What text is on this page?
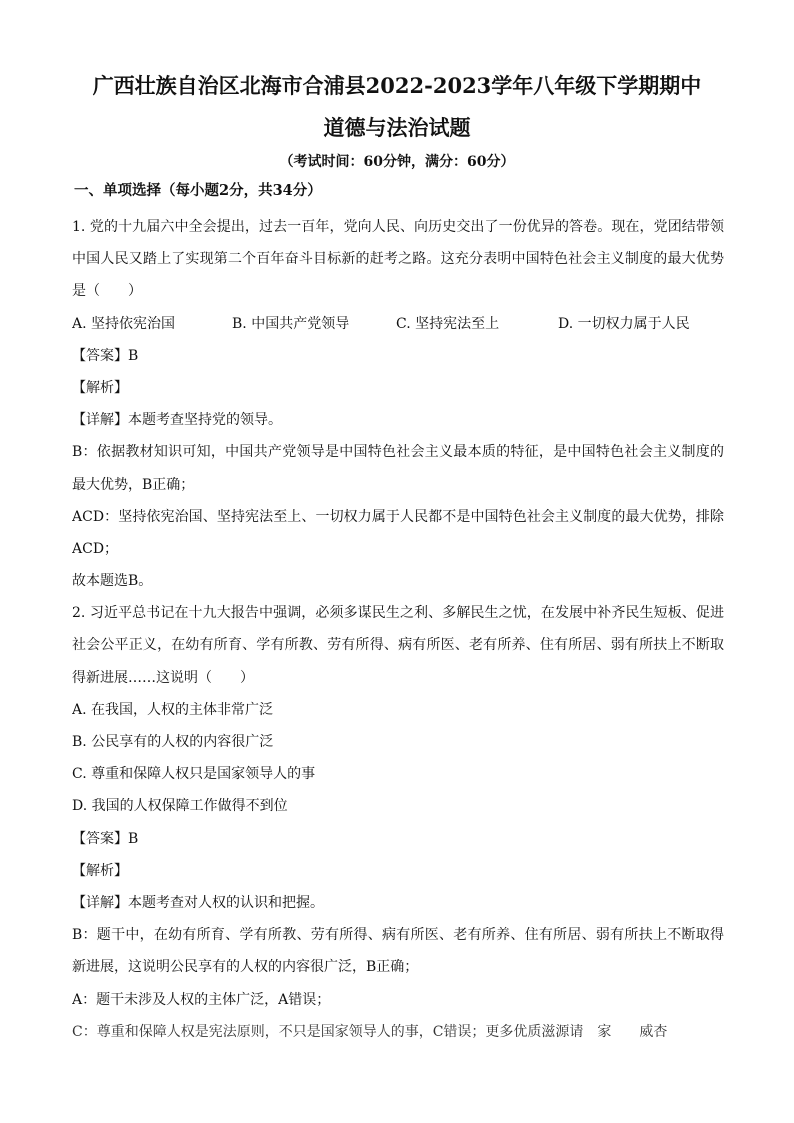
广西壮族自治区北海市合浦县2022-2023学年八年级下学期期中
道德与法治试题
（考试时间：60分钟，满分：60分）
一、单项选择（每小题2分，共34分）
1. 党的十九届六中全会提出，过去一百年，党向人民、向历史交出了一份优异的答卷。现在，党团结带领
中国人民又踏上了实现第二个百年奋斗目标新的赶考之路。这充分表明中国特色社会主义制度的最大优势
是（　　）
A. 坚持依宪治国	B. 中国共产党领导	C. 坚持宪法至上	D. 一切权力属于人民
【答案】B
【解析】
【详解】本题考查坚持党的领导。
B：依据教材知识可知，中国共产党领导是中国特色社会主义最本质的特征，是中国特色社会主义制度的
最大优势，B正确；
ACD：坚持依宪治国、坚持宪法至上、一切权力属于人民都不是中国特色社会主义制度的最大优势，排除
ACD；
故本题选B。
2. 习近平总书记在十九大报告中强调，必须多谋民生之利、多解民生之忧，在发展中补齐民生短板、促进
社会公平正义，在幼有所育、学有所教、劳有所得、病有所医、老有所养、住有所居、弱有所扶上不断取
得新进展……这说明（　　）
A. 在我国，人权的主体非常广泛
B. 公民享有的人权的内容很广泛
C. 尊重和保障人权只是国家领导人的事
D. 我国的人权保障工作做得不到位
【答案】B
【解析】
【详解】本题考查对人权的认识和把握。
B：题干中，在幼有所育、学有所教、劳有所得、病有所医、老有所养、住有所居、弱有所扶上不断取得
新进展，这说明公民享有的人权的内容很广泛，B正确；
A：题干未涉及人权的主体广泛，A错误；
C：尊重和保障人权是宪法原则，不只是国家领导人的事，C错误；更多优质滋源请　家　　威杏
